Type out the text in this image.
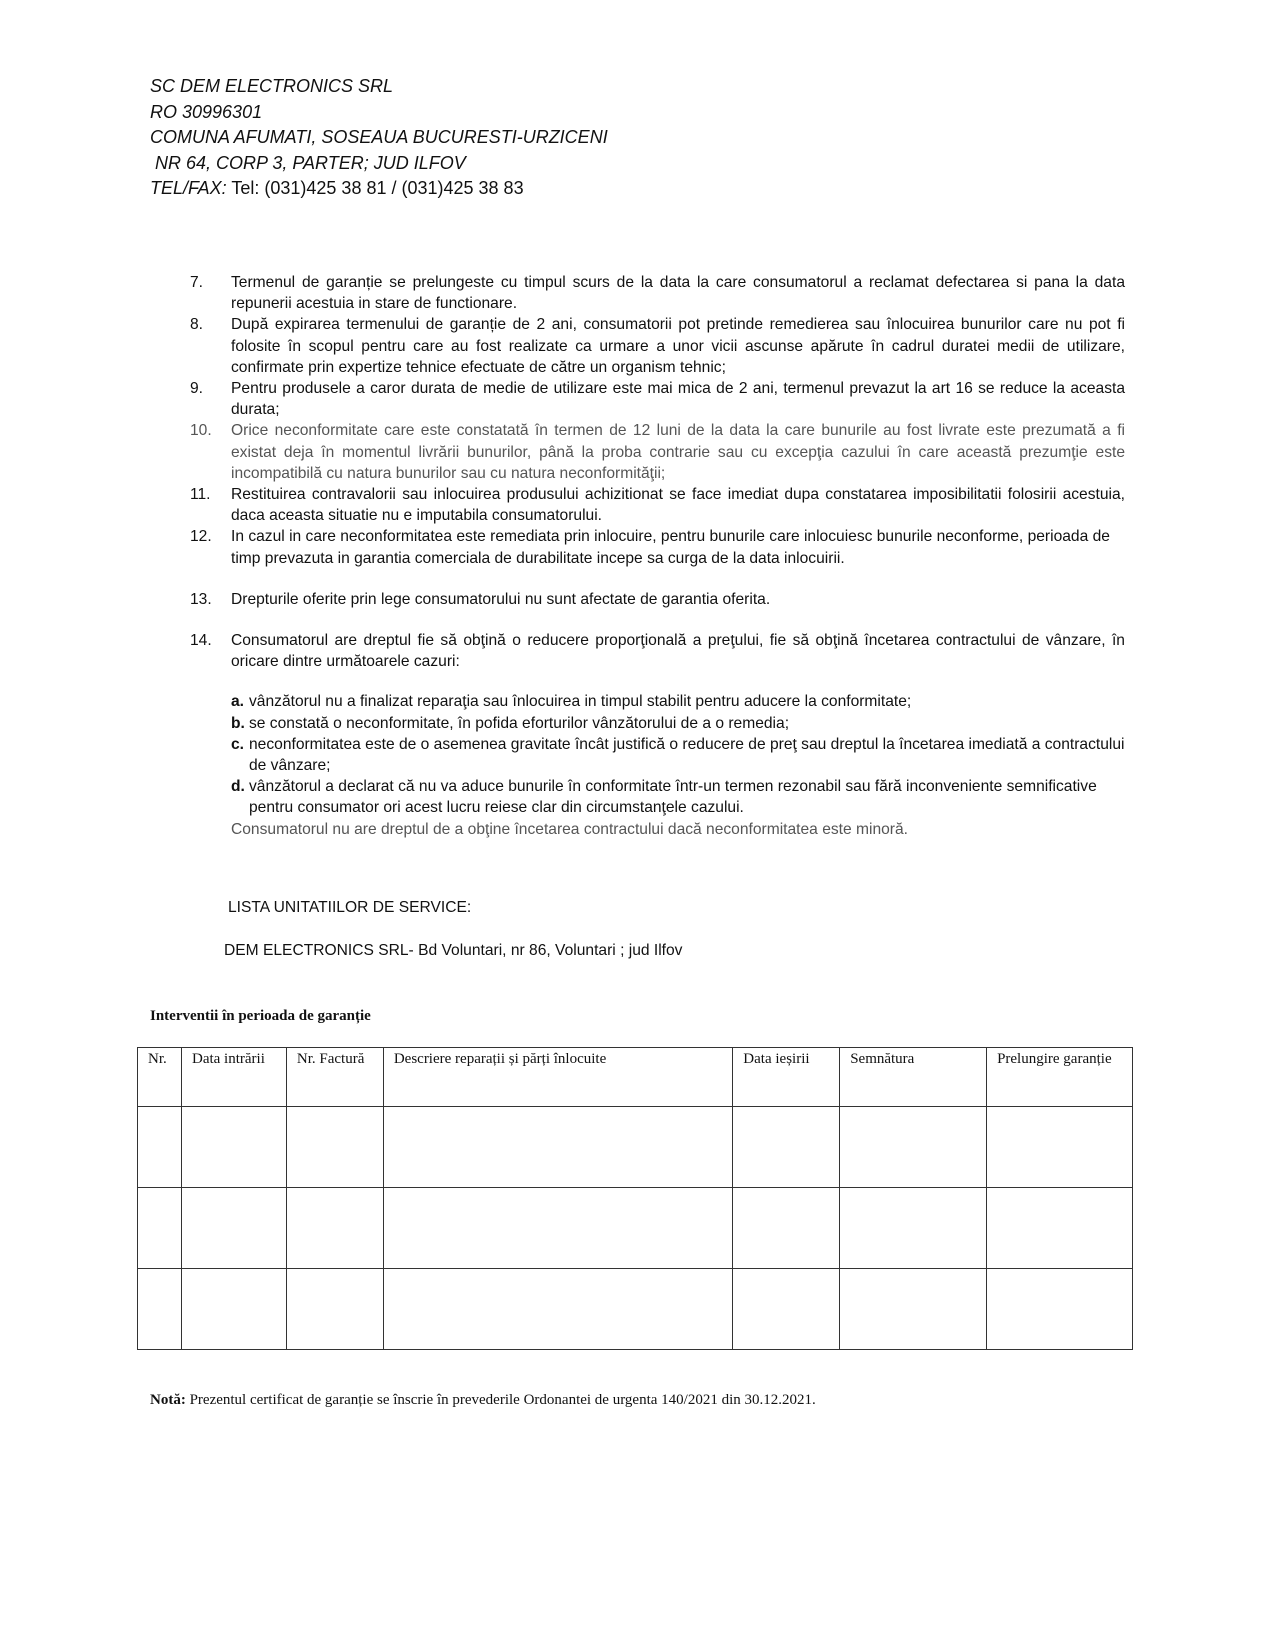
SC DEM ELECTRONICS SRL
RO 30996301
COMUNA AFUMATI, SOSEAUA BUCURESTI-URZICENI
NR 64, CORP 3, PARTER; JUD ILFOV
TEL/FAX: Tel: (031)425 38 81 / (031)425 38 83
7.	Termenul de garanție se prelungeste cu timpul scurs de la data la care consumatorul a reclamat defectarea si pana la data repunerii acestuia in stare de functionare.
8.	După expirarea termenului de garanție de 2 ani, consumatorii pot pretinde remedierea sau înlocuirea bunurilor care nu pot fi folosite în scopul pentru care au fost realizate ca urmare a unor vicii ascunse apărute în cadrul duratei medii de utilizare, confirmate prin expertize tehnice efectuate de către un organism tehnic;
9.	Pentru produsele a caror durata de medie de utilizare este mai mica de 2 ani, termenul prevazut la art 16 se reduce la aceasta durata;
10.	Orice neconformitate care este constatată în termen de 12 luni de la data la care bunurile au fost livrate este prezumată a fi existat deja în momentul livrării bunurilor, până la proba contrarie sau cu excepţia cazului în care această prezumţie este incompatibilă cu natura bunurilor sau cu natura neconformităţii;
11.	Restituirea contravalorii sau inlocuirea produsului achizitionat se face imediat dupa constatarea imposibilitatii folosirii acestuia, daca aceasta situatie nu e imputabila consumatorului.
12.	In cazul in care neconformitatea este remediata prin inlocuire, pentru bunurile care inlocuiesc bunurile neconforme, perioada de timp prevazuta in garantia comerciala de durabilitate incepe sa curga de la data inlocuirii.
13.	Drepturile oferite prin lege consumatorului nu sunt afectate de garantia oferita.
14.	Consumatorul are dreptul fie să obţină o reducere proporţională a preţului, fie să obţină încetarea contractului de vânzare, în oricare dintre următoarele cazuri:
a. vânzătorul nu a finalizat reparaţia sau înlocuirea in timpul stabilit pentru aducere la conformitate;
b. se constată o neconformitate, în pofida eforturilor vânzătorului de a o remedia;
c. neconformitatea este de o asemenea gravitate încât justifică o reducere de preţ sau dreptul la încetarea imediată a contractului de vânzare;
d. vânzătorul a declarat că nu va aduce bunurile în conformitate într-un termen rezonabil sau fără inconveniente semnificative pentru consumator ori acest lucru reiese clar din circumstanţele cazului.
Consumatorul nu are dreptul de a obţine încetarea contractului dacă neconformitatea este minoră.
LISTA UNITATIILOR DE SERVICE:
DEM ELECTRONICS SRL- Bd Voluntari, nr 86, Voluntari ; jud Ilfov
Interventii în perioada de garanție
Nr.	Data intrării	Nr. Factură	Descriere reparații și părți înlocuite	Data ieșirii	Semnătura	Prelungire garanție

Notă: Prezentul certificat de garanție se înscrie în prevederile Ordonantei de urgenta 140/2021 din 30.12.2021.
